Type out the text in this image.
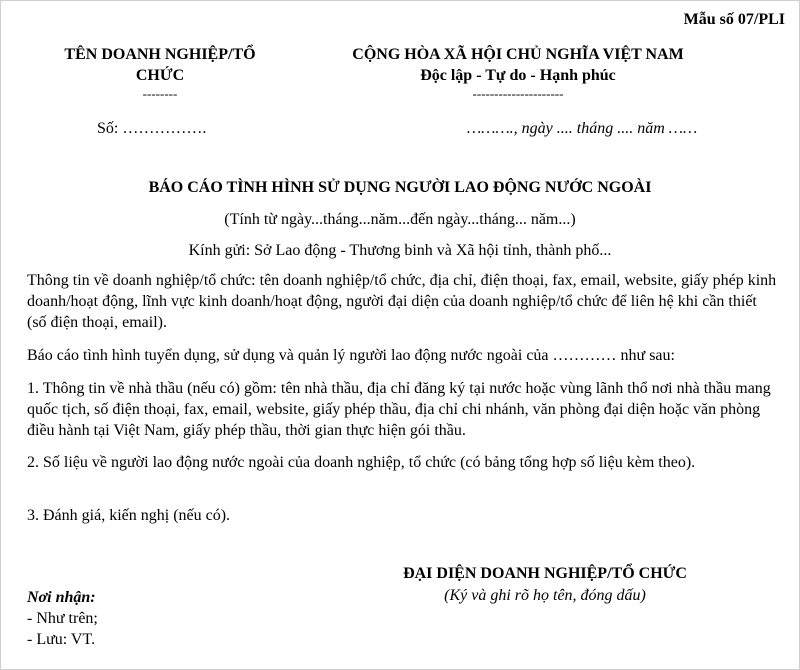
Mẫu số 07/PLI
TÊN DOANH NGHIỆP/TỔ
CHỨC
--------
Số: …………….
CỘNG HÒA XÃ HỘI CHỦ NGHĨA VIỆT NAM
Độc lập - Tự do - Hạnh phúc
---------------------
………., ngày .... tháng .... năm ……
BÁO CÁO TÌNH HÌNH SỬ DỤNG NGƯỜI LAO ĐỘNG NƯỚC NGOÀI
(Tính từ ngày...tháng...năm...đến ngày...tháng... năm...)
Kính gửi: Sở Lao động - Thương binh và Xã hội tỉnh, thành phố...
Thông tin về doanh nghiệp/tổ chức: tên doanh nghiệp/tổ chức, địa chỉ, điện thoại, fax, email, website, giấy phép kinh doanh/hoạt động, lĩnh vực kinh doanh/hoạt động, người đại diện của doanh nghiệp/tổ chức để liên hệ khi cần thiết (số điện thoại, email).
Báo cáo tình hình tuyển dụng, sử dụng và quản lý người lao động nước ngoài của ………… như sau:
1. Thông tin về nhà thầu (nếu có) gồm: tên nhà thầu, địa chỉ đăng ký tại nước hoặc vùng lãnh thổ nơi nhà thầu mang quốc tịch, số điện thoại, fax, email, website, giấy phép thầu, địa chỉ chi nhánh, văn phòng đại diện hoặc văn phòng điều hành tại Việt Nam, giấy phép thầu, thời gian thực hiện gói thầu.
2. Số liệu về người lao động nước ngoài của doanh nghiệp, tổ chức (có bảng tổng hợp số liệu kèm theo).
3. Đánh giá, kiến nghị (nếu có).
ĐẠI DIỆN DOANH NGHIỆP/TỔ CHỨC
(Ký và ghi rõ họ tên, đóng dấu)
Nơi nhận:
- Như trên;
- Lưu: VT.
